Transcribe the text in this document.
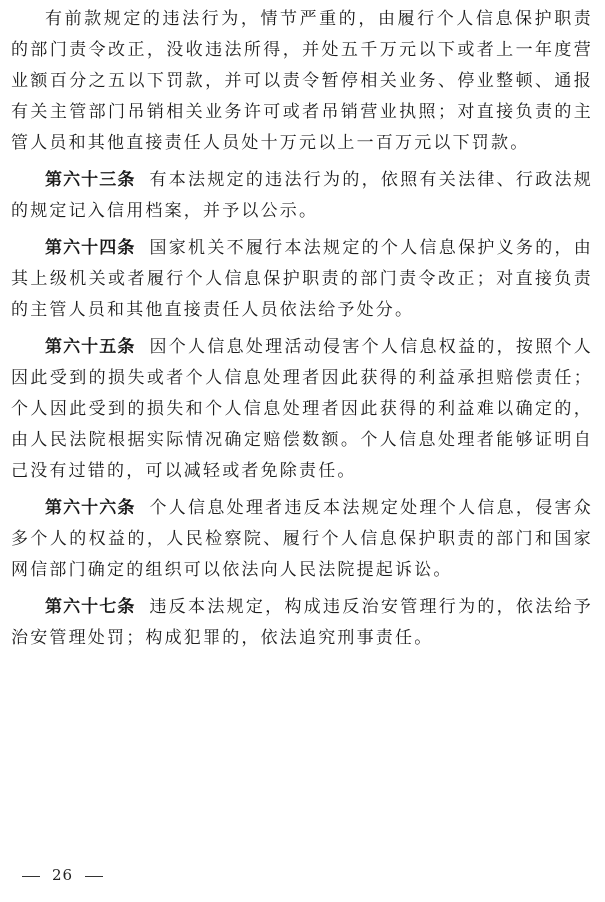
有前款规定的违法行为，情节严重的，由履行个人信息保护职责的部门责令改正，没收违法所得，并处五千万元以下或者上一年度营业额百分之五以下罚款，并可以责令暂停相关业务、停业整顿、通报有关主管部门吊销相关业务许可或者吊销营业执照；对直接负责的主管人员和其他直接责任人员处十万元以上一百万元以下罚款。

第六十三条 有本法规定的违法行为的，依照有关法律、行政法规的规定记入信用档案，并予以公示。

第六十四条 国家机关不履行本法规定的个人信息保护义务的，由其上级机关或者履行个人信息保护职责的部门责令改正；对直接负责的主管人员和其他直接责任人员依法给予处分。

第六十五条 因个人信息处理活动侵害个人信息权益的，按照个人因此受到的损失或者个人信息处理者因此获得的利益承担赔偿责任；个人因此受到的损失和个人信息处理者因此获得的利益难以确定的，由人民法院根据实际情况确定赔偿数额。个人信息处理者能够证明自己没有过错的，可以减轻或者免除责任。

第六十六条 个人信息处理者违反本法规定处理个人信息，侵害众多个人的权益的，人民检察院、履行个人信息保护职责的部门和国家网信部门确定的组织可以依法向人民法院提起诉讼。

第六十七条 违反本法规定，构成违反治安管理行为的，依法给予治安管理处罚；构成犯罪的，依法追究刑事责任。

26
